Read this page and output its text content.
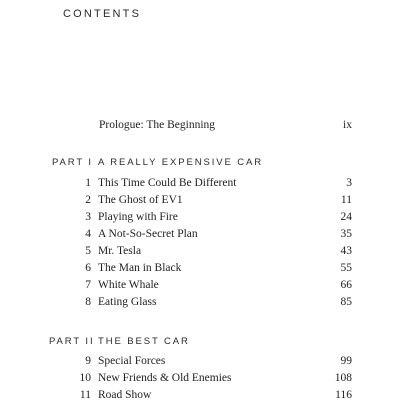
CONTENTS
Prologue: The Beginning	ix
PART I A REALLY EXPENSIVE CAR
1 This Time Could Be Different	3
2 The Ghost of EV1	11
3 Playing with Fire	24
4 A Not-So-Secret Plan	35
5 Mr. Tesla	43
6 The Man in Black	55
7 White Whale	66
8 Eating Glass	85
PART II THE BEST CAR
9 Special Forces	99
10 New Friends & Old Enemies	108
11 Road Show	116
